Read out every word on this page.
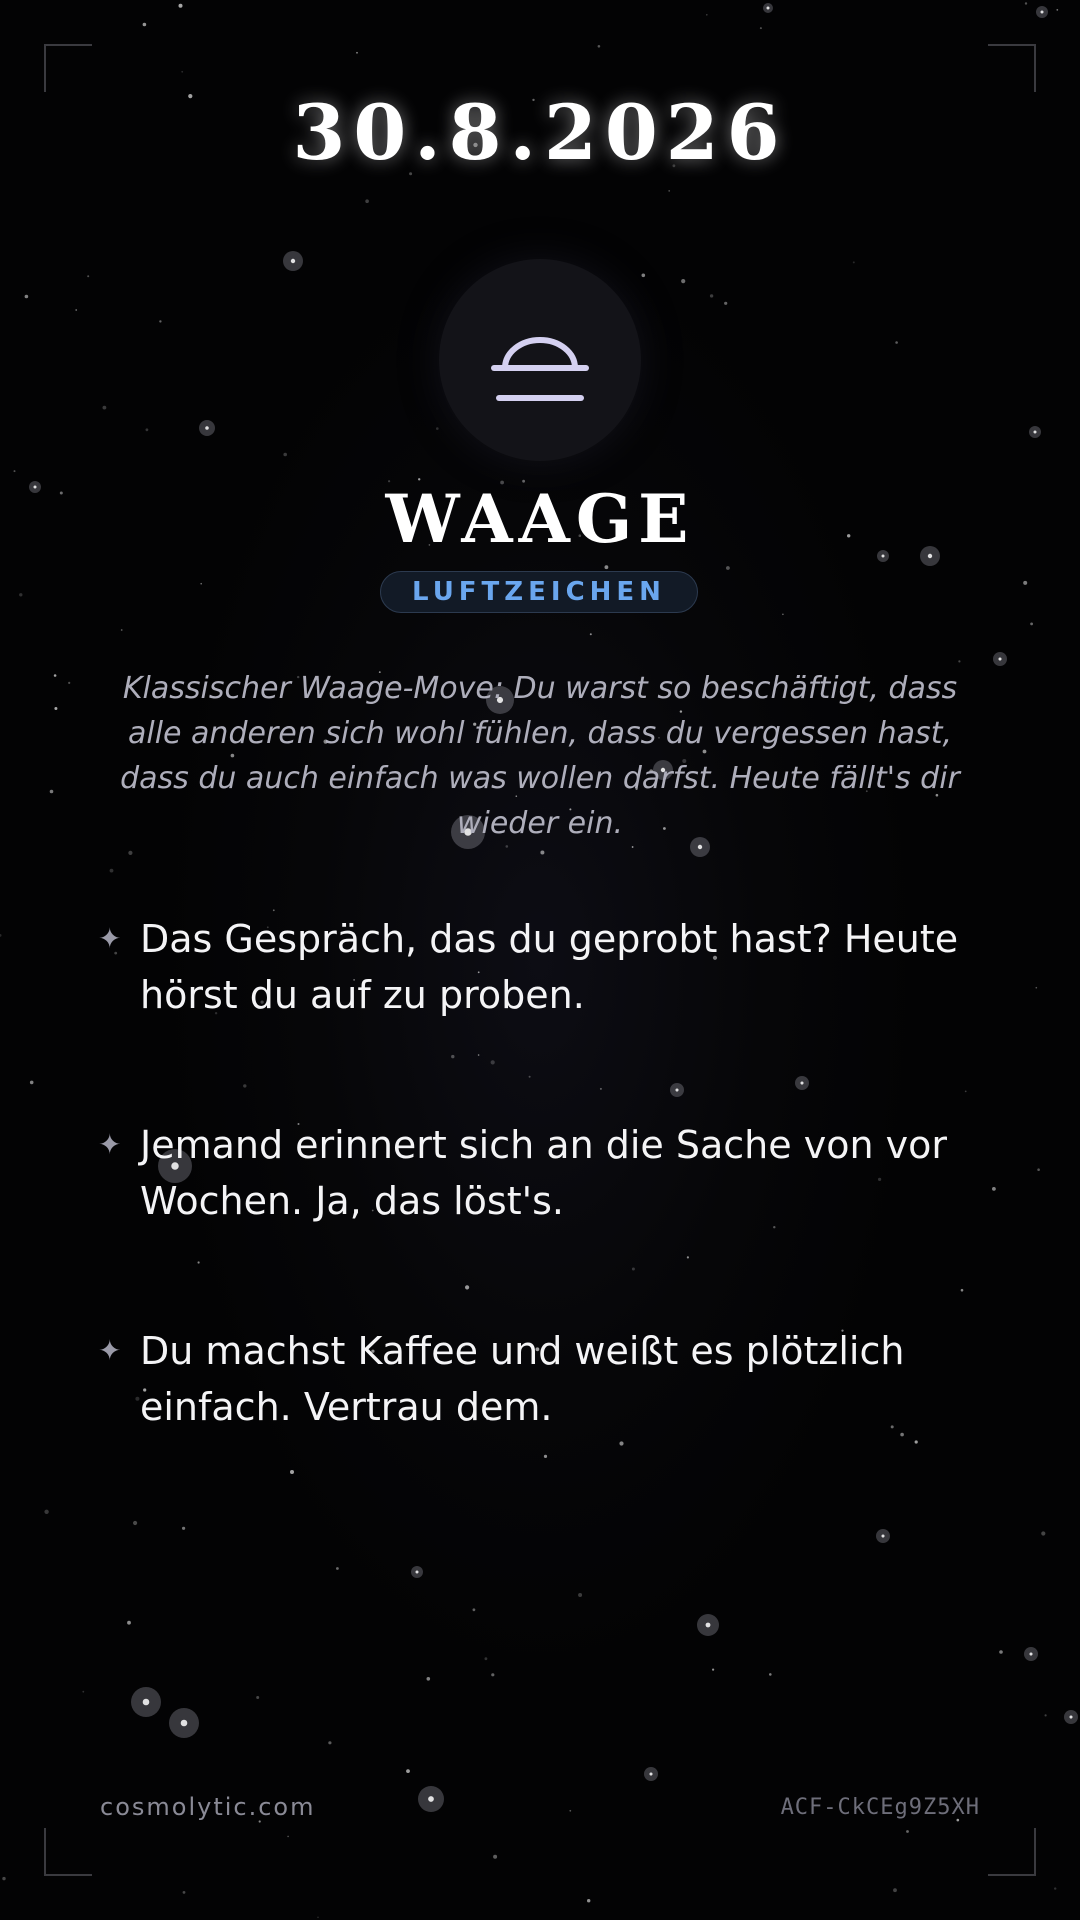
30.8.2026
WAAGE
LUFTZEICHEN
Klassischer Waage-Move: Du warst so beschäftigt, dass alle anderen sich wohl fühlen, dass du vergessen hast, dass du auch einfach was wollen darfst. Heute fällt's dir wieder ein.
✦ Das Gespräch, das du geprobt hast? Heute hörst du auf zu proben.
✦ Jemand erinnert sich an die Sache von vor Wochen. Ja, das löst's.
✦ Du machst Kaffee und weißt es plötzlich einfach. Vertrau dem.
cosmolytic.com	ACF-CkCEg9Z5XH
